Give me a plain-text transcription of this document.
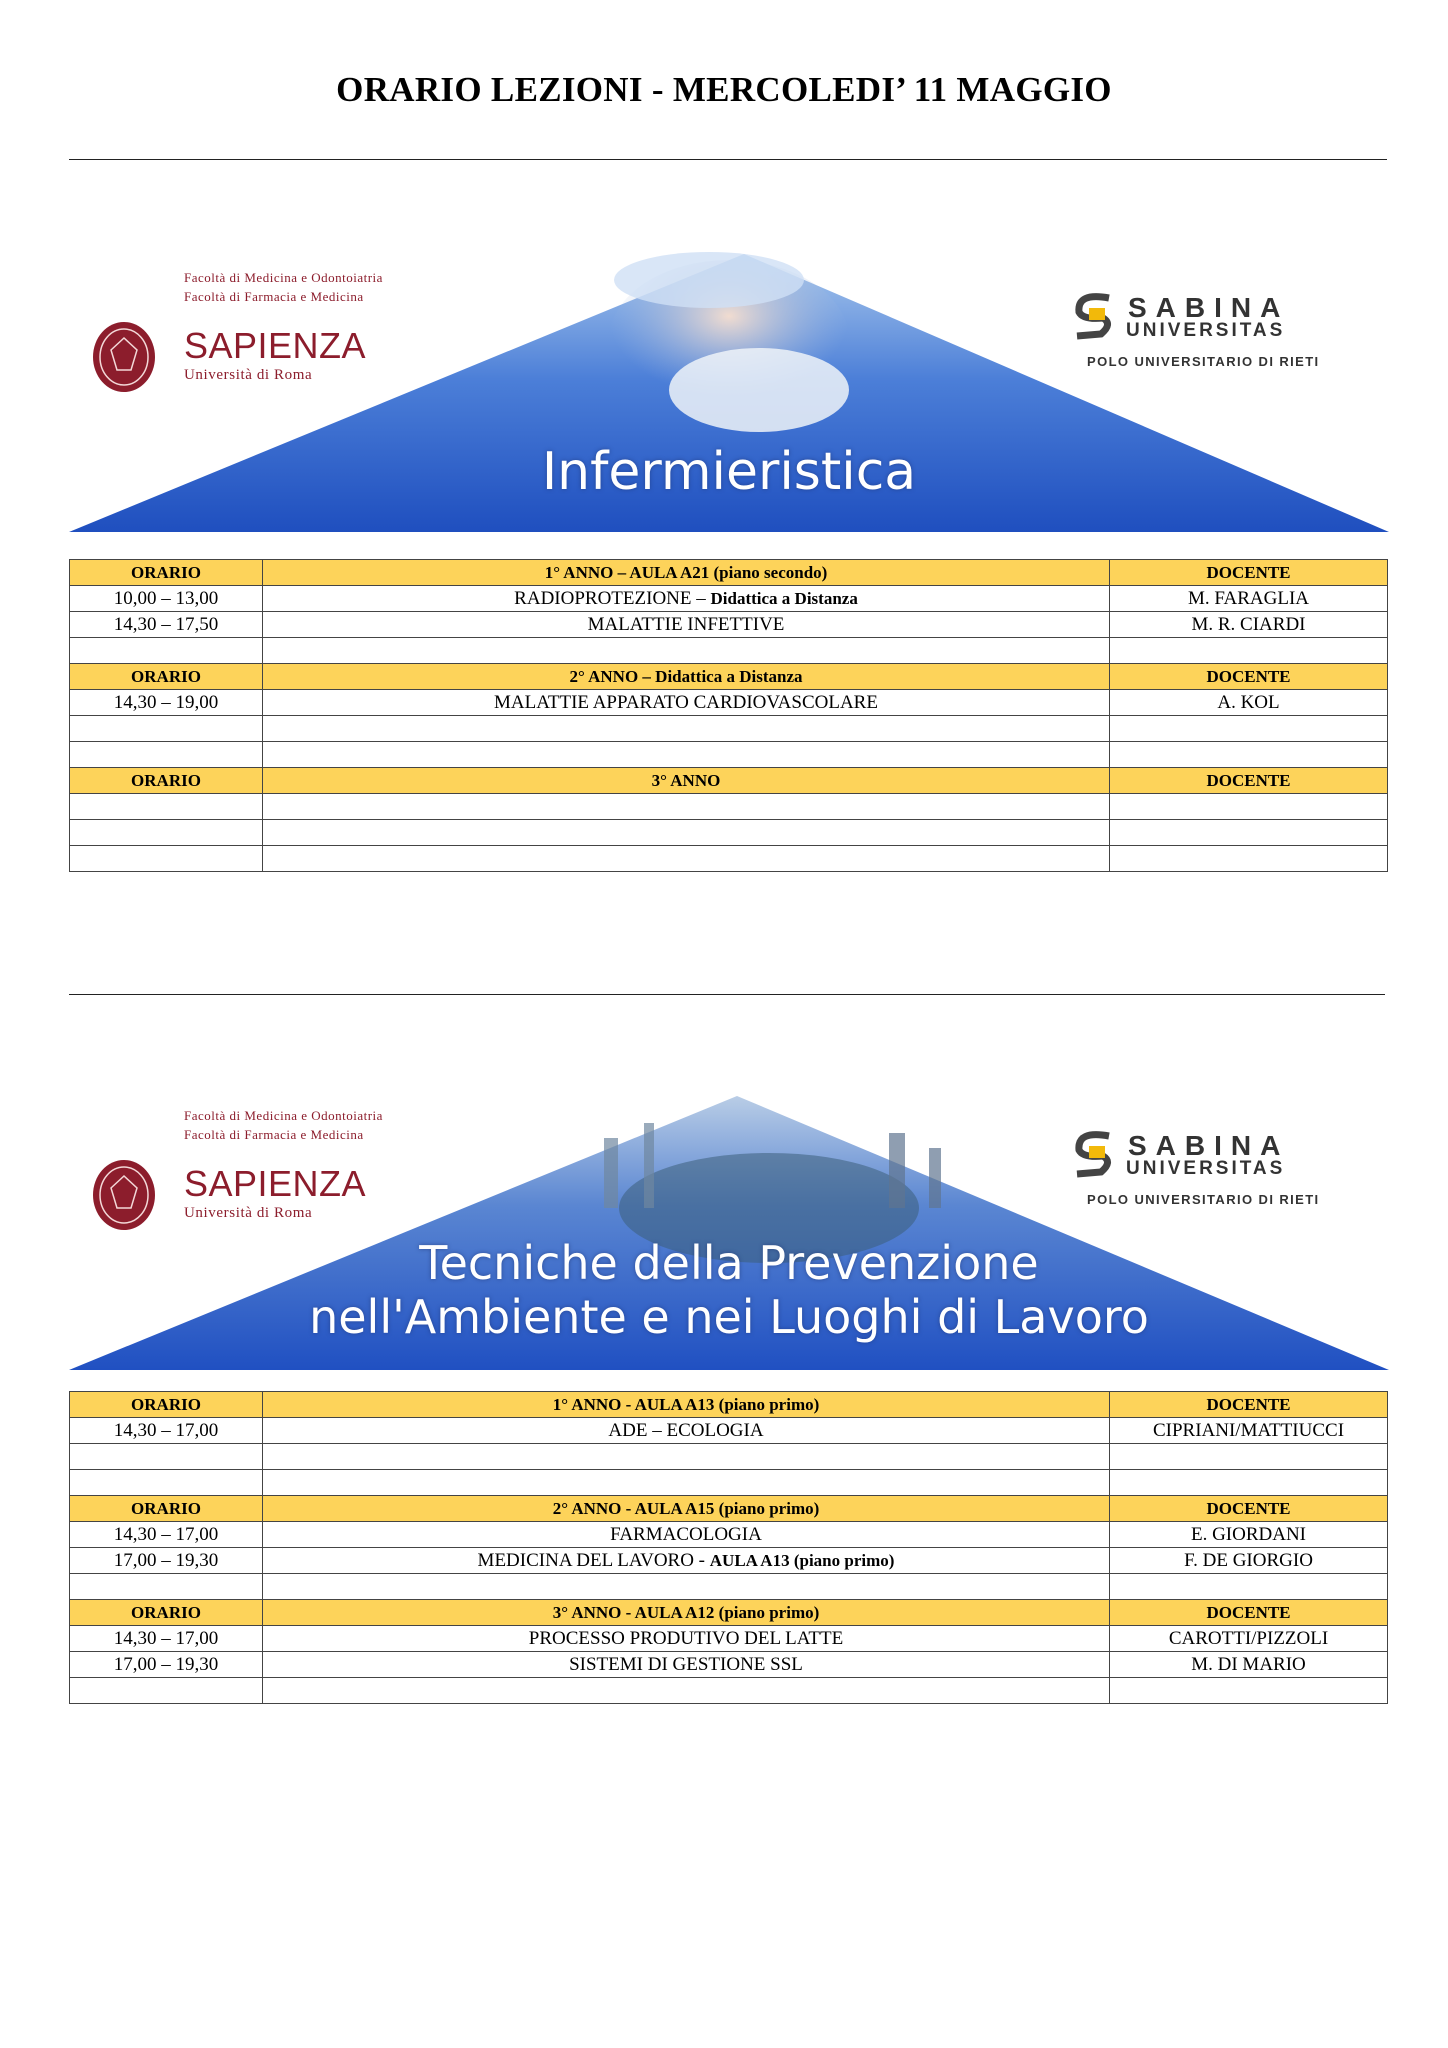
ORARIO LEZIONI - MERCOLEDI’ 11 MAGGIO
Facoltà di Medicina e Odontoiatria
Facoltà di Farmacia e Medicina
SAPIENZA
Università di Roma
SABINA
UNIVERSITAS
POLO UNIVERSITARIO DI RIETI
Infermieristica
ORARIO	1° ANNO – AULA A21 (piano secondo)	DOCENTE
10,00 – 13,00	RADIOPROTEZIONE – Didattica a Distanza	M. FARAGLIA
14,30 – 17,50	MALATTIE INFETTIVE	M. R. CIARDI

ORARIO	2° ANNO – Didattica a Distanza	DOCENTE
14,30 – 19,00	MALATTIE APPARATO CARDIOVASCOLARE	A. KOL

ORARIO	3° ANNO	DOCENTE

Facoltà di Medicina e Odontoiatria
Facoltà di Farmacia e Medicina
SAPIENZA
Università di Roma
SABINA
UNIVERSITAS
POLO UNIVERSITARIO DI RIETI
Tecniche della Prevenzione
nell'Ambiente e nei Luoghi di Lavoro
ORARIO	1° ANNO - AULA A13 (piano primo)	DOCENTE
14,30 – 17,00	ADE – ECOLOGIA	CIPRIANI/MATTIUCCI

ORARIO	2° ANNO - AULA A15 (piano primo)	DOCENTE
14,30 – 17,00	FARMACOLOGIA	E. GIORDANI
17,00 – 19,30	MEDICINA DEL LAVORO - AULA A13 (piano primo)	F. DE GIORGIO

ORARIO	3° ANNO - AULA A12 (piano primo)	DOCENTE
14,30 – 17,00	PROCESSO PRODUTIVO DEL LATTE	CAROTTI/PIZZOLI
17,00 – 19,30	SISTEMI DI GESTIONE SSL	M. DI MARIO
